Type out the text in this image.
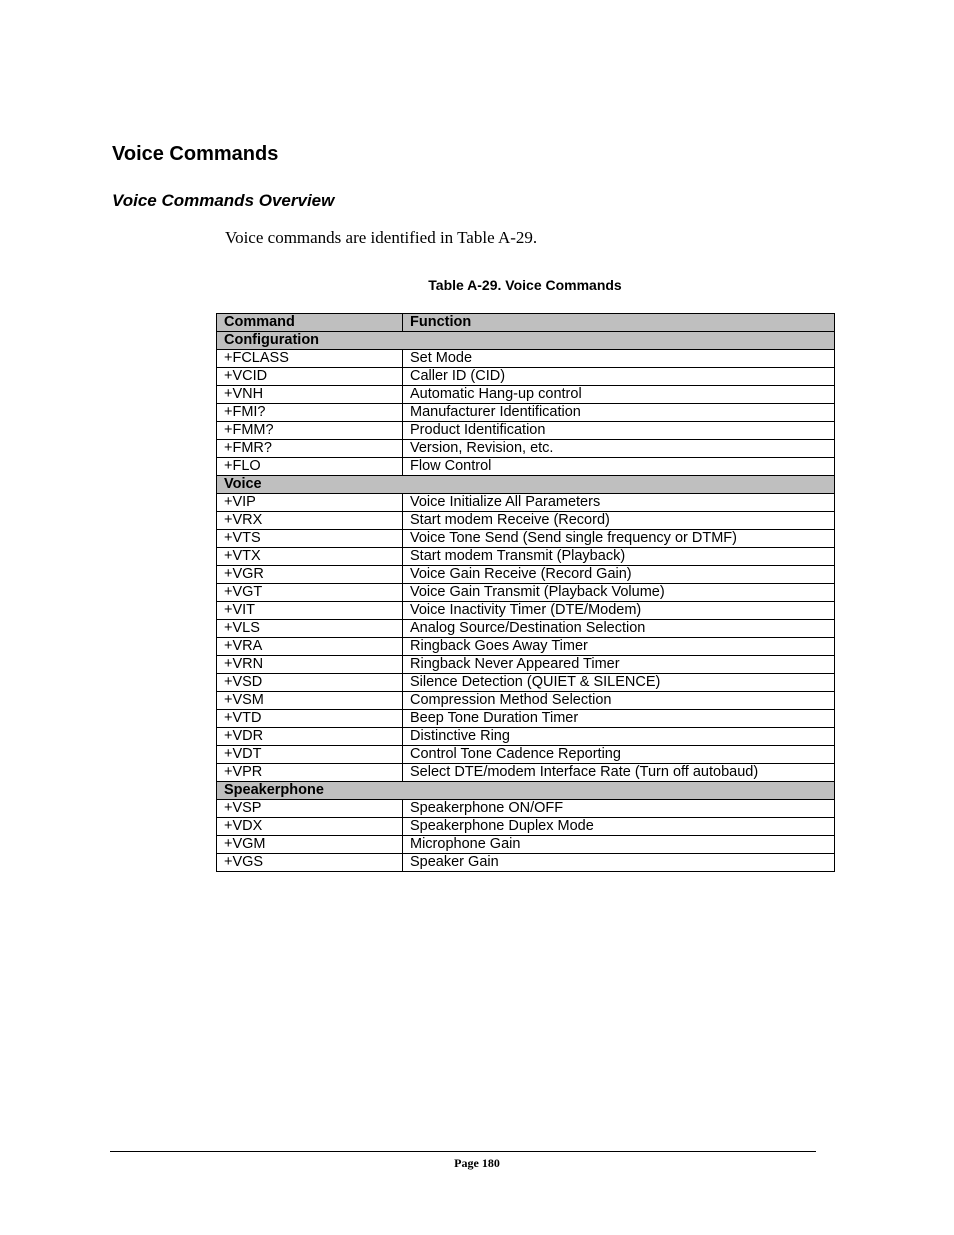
Voice Commands
Voice Commands Overview

Voice commands are identified in Table A-29.

Table A-29. Voice Commands

Command	Function
Configuration	
+FCLASS	Set Mode
+VCID	Caller ID (CID)
+VNH	Automatic Hang-up control
+FMI?	Manufacturer Identification
+FMM?	Product Identification
+FMR?	Version, Revision, etc.
+FLO	Flow Control
Voice	
+VIP	Voice Initialize All Parameters
+VRX	Start modem Receive (Record)
+VTS	Voice Tone Send (Send single frequency or DTMF)
+VTX	Start modem Transmit (Playback)
+VGR	Voice Gain Receive (Record Gain)
+VGT	Voice Gain Transmit (Playback Volume)
+VIT	Voice Inactivity Timer (DTE/Modem)
+VLS	Analog Source/Destination Selection
+VRA	Ringback Goes Away Timer
+VRN	Ringback Never Appeared Timer
+VSD	Silence Detection (QUIET & SILENCE)
+VSM	Compression Method Selection
+VTD	Beep Tone Duration Timer
+VDR	Distinctive Ring
+VDT	Control Tone Cadence Reporting
+VPR	Select DTE/modem Interface Rate (Turn off autobaud)
Speakerphone	
+VSP	Speakerphone ON/OFF
+VDX	Speakerphone Duplex Mode
+VGM	Microphone Gain
+VGS	Speaker Gain

Page 180
